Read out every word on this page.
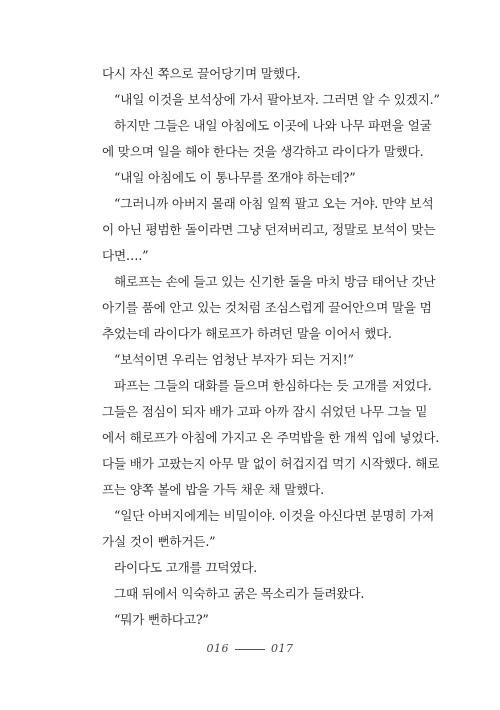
다시 자신 쪽으로 끌어당기며 말했다.
“내일 이것을 보석상에 가서 팔아보자. 그러면 알 수 있겠지.”
하지만 그들은 내일 아침에도 이곳에 나와 나무 파편을 얼굴
에 맞으며 일을 해야 한다는 것을 생각하고 라이다가 말했다.
“내일 아침에도 이 통나무를 쪼개야 하는데?”
“그러니까 아버지 몰래 아침 일찍 팔고 오는 거야. 만약 보석
이 아닌 평범한 돌이라면 그냥 던져버리고, 정말로 보석이 맞는
다면….”
해로프는 손에 들고 있는 신기한 돌을 마치 방금 태어난 갓난
아기를 품에 안고 있는 것처럼 조심스럽게 끌어안으며 말을 멈
추었는데 라이다가 해로프가 하려던 말을 이어서 했다.
“보석이면 우리는 엄청난 부자가 되는 거지!”
파프는 그들의 대화를 들으며 한심하다는 듯 고개를 저었다.
그들은 점심이 되자 배가 고파 아까 잠시 쉬었던 나무 그늘 밑
에서 해로프가 아침에 가지고 온 주먹밥을 한 개씩 입에 넣었다.
다들 배가 고팠는지 아무 말 없이 허겁지겁 먹기 시작했다. 해로
프는 양쪽 볼에 밥을 가득 채운 채 말했다.
“일단 아버지에게는 비밀이야. 이것을 아신다면 분명히 가져
가실 것이 뻔하거든.”
라이다도 고개를 끄덕였다.
그때 뒤에서 익숙하고 굵은 목소리가 들려왔다.
“뭐가 뻔하다고?”
016	017
